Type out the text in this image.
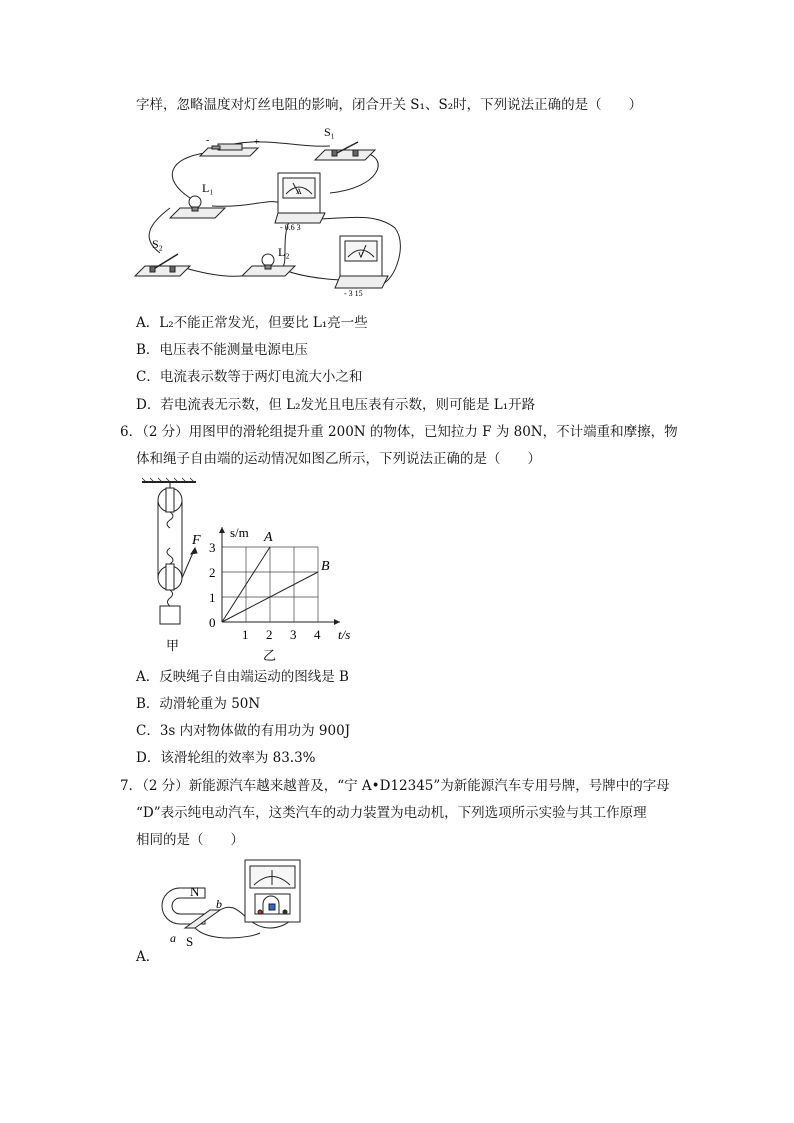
字样，忽略温度对灯丝电阻的影响，闭合开关 S₁、S₂时，下列说法正确的是（　　）
-	+
S₁
L₁	A
- 0.6 3
S₂
L₂	V
- 3 15
A．L₂不能正常发光，但要比 L₁亮一些
B．电压表不能测量电源电压
C．电流表示数等于两灯电流大小之和
D．若电流表无示数，但 L₂发光且电压表有示数，则可能是 L₁开路
6．（2 分）用图甲的滑轮组提升重 200N 的物体，已知拉力 F 为 80N，不计端重和摩擦，物
体和绳子自由端的运动情况如图乙所示，下列说法正确的是（　　）
F
甲
1 2 3 4
0
1
2
3
s/m
t/s
A
B
乙
A．反映绳子自由端运动的图线是 B
B．动滑轮重为 50N
C．3s 内对物体做的有用功为 900J
D．该滑轮组的效率为 83.3%
7．（2 分）新能源汽车越来越普及，“宁 A•D12345”为新能源汽车专用号牌，号牌中的字母
“D”表示纯电动汽车，这类汽车的动力装置为电动机，下列选项所示实验与其工作原理
相同的是（　　）
N
S
a
b
A．
